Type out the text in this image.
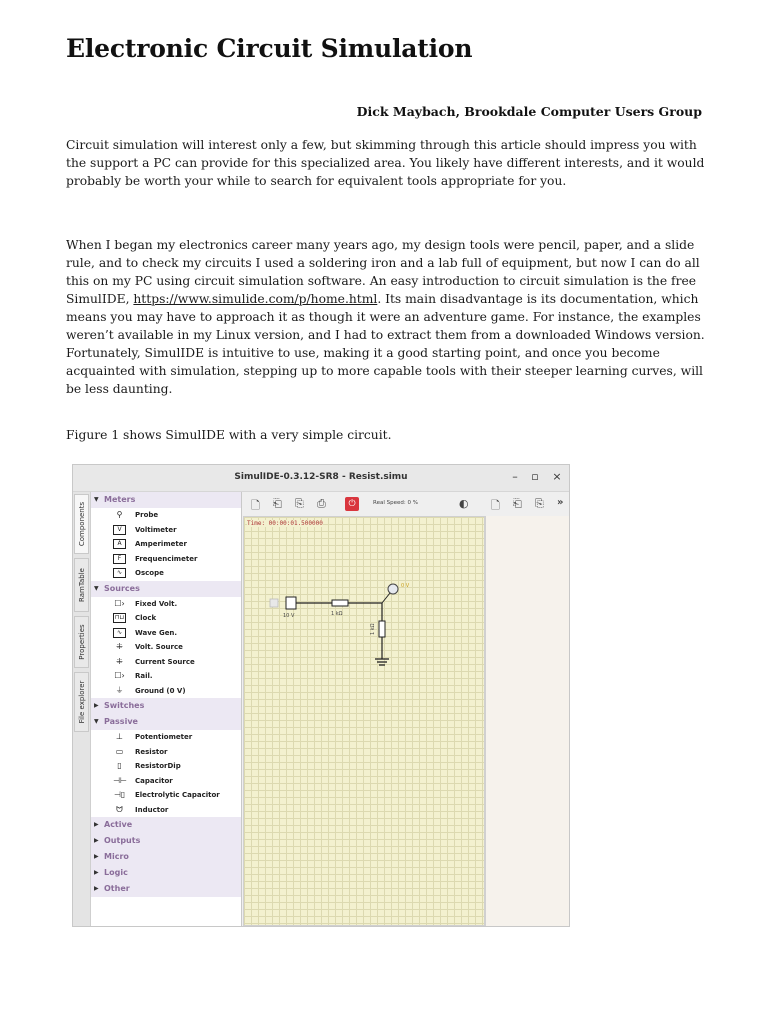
Electronic Circuit Simulation
Dick Maybach, Brookdale Computer Users Group

Circuit simulation will interest only a few, but skimming through this article should impress you with the support a PC can provide for this specialized area. You likely have different interests, and it would probably be worth your while to search for equivalent tools appropriate for you.

When I began my electronics career many years ago, my design tools were pencil, paper, and a slide rule, and to check my circuits I used a soldering iron and a lab full of equipment, but now I can do all this on my PC using circuit simulation software. An easy introduction to circuit simulation is the free SimulIDE, https://www.simulide.com/p/home.html. Its main disadvantage is its documentation, which means you may have to approach it as though it were an adventure game. For instance, the examples weren’t available in my Linux version, and I had to extract them from a downloaded Windows version. Fortunately, SimulIDE is intuitive to use, making it a good starting point, and once you become acquainted with simulation, stepping up to more capable tools with their steeper learning curves, will be less daunting.

Figure 1 shows SimulIDE with a very simple circuit.

SimulIDE-0.3.12-SR8 - Resist.simu	– ▫ ×
Components
RamTable
Properties
File explorer
▼ Meters
⚲	Probe
V	Voltimeter
A	Amperimeter
F	Frequencimeter
∿	Oscope
▼ Sources
☐› Fixed Volt.
⊓⊔ Clock
∿	Wave Gen.
⁜	Volt. Source
⁜	Current Source
☐› Rail.
⏚	Ground (0 V)
▶ Switches
▼ Passive
⊥	Potentiometer
▭	Resistor
▯	ResistorDip
⊣⊢ Capacitor
⊣▯ Electrolytic Capacitor
ᗢ	Inductor
▶ Active
▶ Outputs
▶ Micro
▶ Logic
▶ Other
🗋 ⎗ ⎘ ⎙	⏻	Real Speed: 0 %	◐ 🗋 ⎗ ⎘ »
Time: 00:00:01.500000
10 V	1 kΩ
1 kΩ
0 V
